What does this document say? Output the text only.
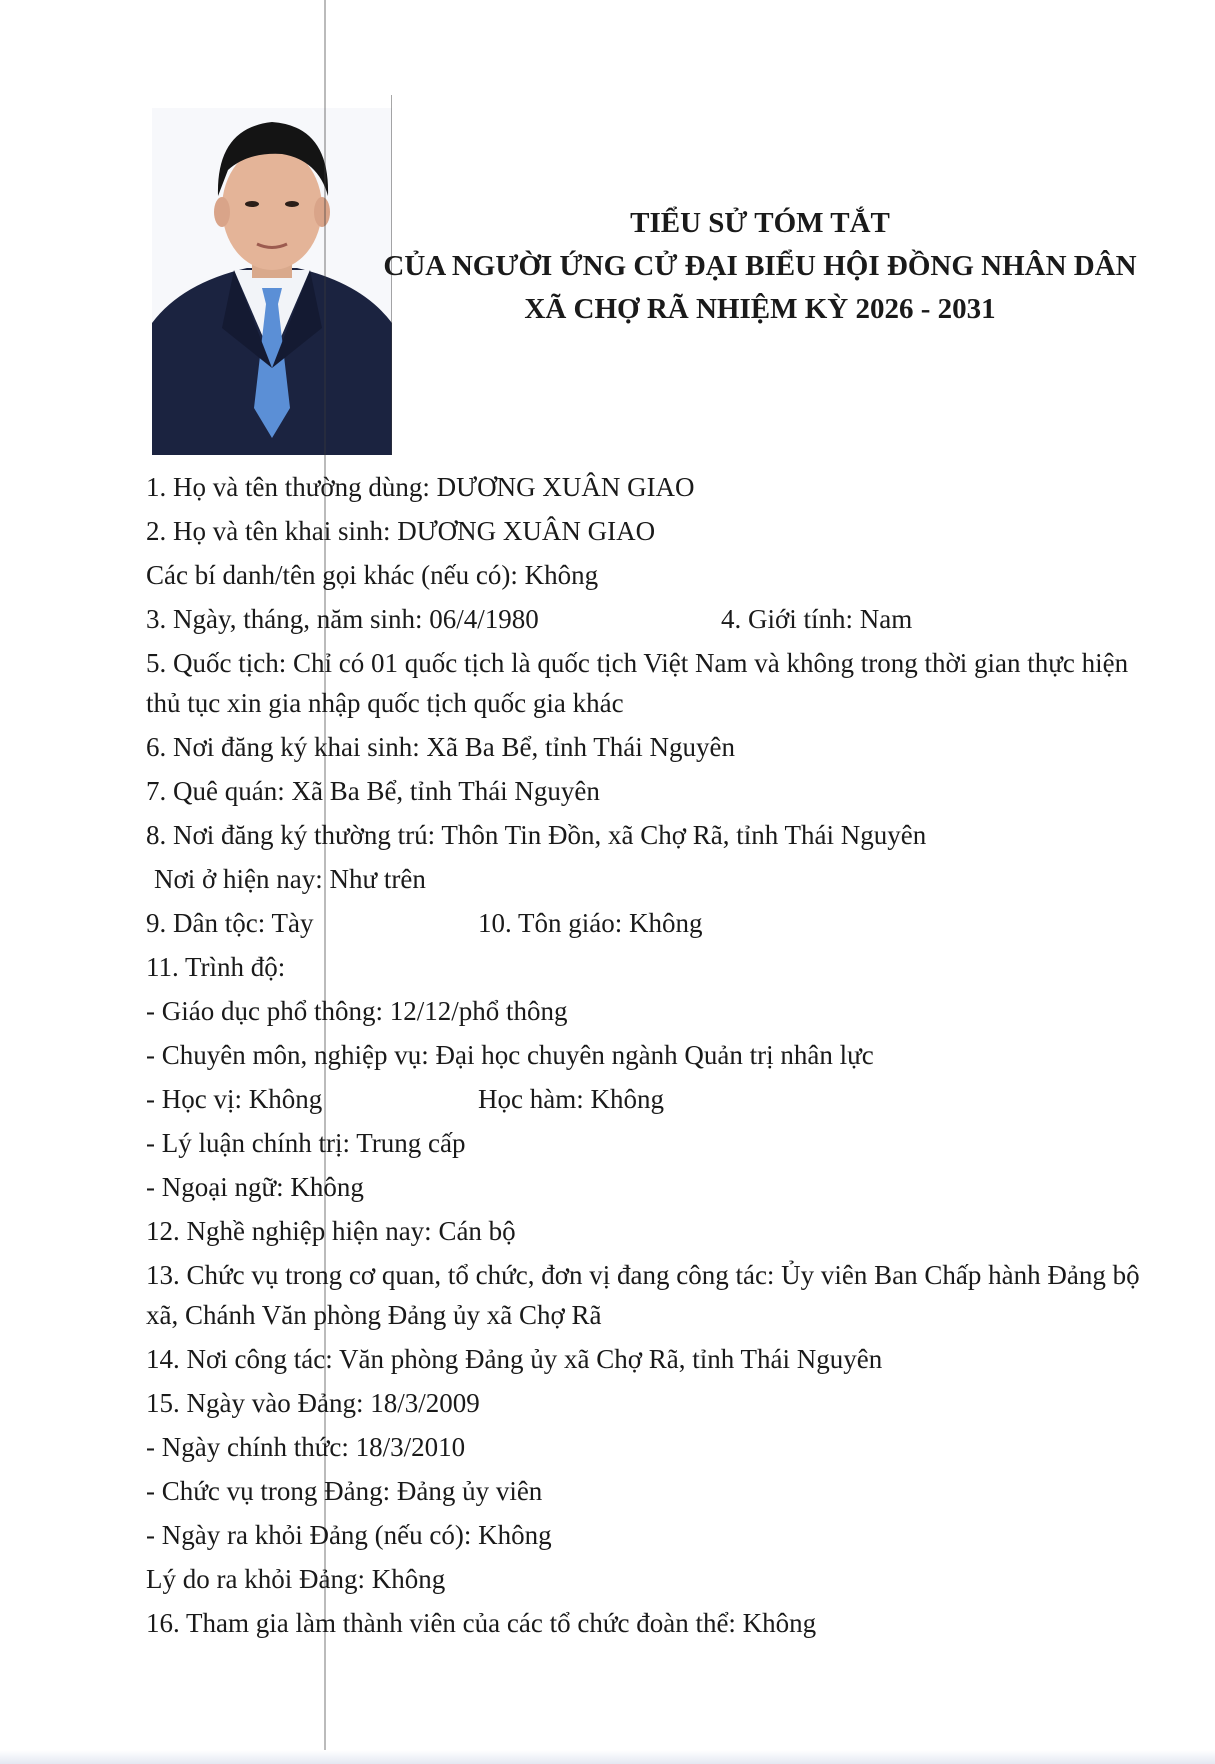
TIỂU SỬ TÓM TẮT
CỦA NGƯỜI ỨNG CỬ ĐẠI BIỂU HỘI ĐỒNG NHÂN DÂN
XÃ CHỢ RÃ NHIỆM KỲ 2026 - 2031
1. Họ và tên thường dùng: DƯƠNG XUÂN GIAO
2. Họ và tên khai sinh: DƯƠNG XUÂN GIAO
Các bí danh/tên gọi khác (nếu có): Không
3. Ngày, tháng, năm sinh: 06/4/1980	4. Giới tính: Nam
5. Quốc tịch: Chỉ có 01 quốc tịch là quốc tịch Việt Nam và không trong thời gian thực hiện thủ tục xin gia nhập quốc tịch quốc gia khác
6. Nơi đăng ký khai sinh: Xã Ba Bể, tỉnh Thái Nguyên
7. Quê quán: Xã Ba Bể, tỉnh Thái Nguyên
8. Nơi đăng ký thường trú: Thôn Tin Đồn, xã Chợ Rã, tỉnh Thái Nguyên
Nơi ở hiện nay: Như trên
9. Dân tộc: Tày	10. Tôn giáo: Không
11. Trình độ:
- Giáo dục phổ thông: 12/12/phổ thông
- Chuyên môn, nghiệp vụ: Đại học chuyên ngành Quản trị nhân lực
- Học vị: Không	Học hàm: Không
- Lý luận chính trị: Trung cấp
- Ngoại ngữ: Không
12. Nghề nghiệp hiện nay: Cán bộ
13. Chức vụ trong cơ quan, tổ chức, đơn vị đang công tác: Ủy viên Ban Chấp hành Đảng bộ xã, Chánh Văn phòng Đảng ủy xã Chợ Rã
14. Nơi công tác: Văn phòng Đảng ủy xã Chợ Rã, tỉnh Thái Nguyên
15. Ngày vào Đảng: 18/3/2009
- Ngày chính thức: 18/3/2010
- Chức vụ trong Đảng: Đảng ủy viên
- Ngày ra khỏi Đảng (nếu có): Không
Lý do ra khỏi Đảng: Không
16. Tham gia làm thành viên của các tổ chức đoàn thể: Không
